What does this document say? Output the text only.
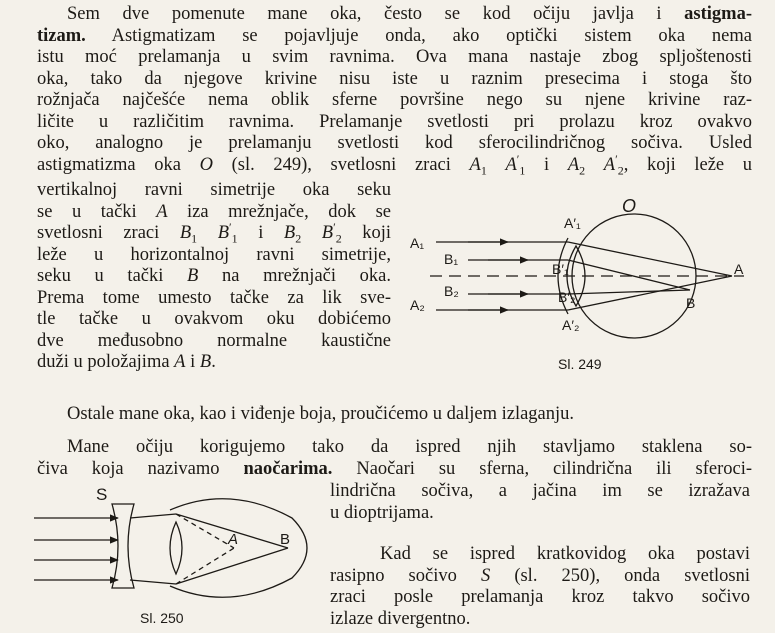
Sem dve pomenute mane oka, često se kod očiju javlja i astigma-
tizam. Astigmatizam se pojavljuje onda, ako optički sistem oka nema
istu moć prelamanja u svim ravnima. Ova mana nastaje zbog spljoštenosti
oka, tako da njegove krivine nisu iste u raznim presecima i stoga što
rožnjača najčešće nema oblik sferne površine nego su njene krivine raz-
ličite u različitim ravnima. Prelamanje svetlosti pri prolazu kroz ovakvo
oko, analogno je prelamanju svetlosti kod sferocilindričnog sočiva. Usled
astigmatizma oka O (sl. 249), svetlosni zraci $A_1$ $A'_1$ i $A_2$ $A'_2$, koji leže u
vertikalnoj ravni simetrije oka seku
se u tački A iza mrežnjače, dok se
svetlosni zraci $B_1$ $B'_1$ i $B_2$ $B'_2$ koji
leže u horizontalnoj ravni simetrije,
seku u tački B na mrežnjači oka.
Prema tome umesto tačke za lik sve-
tle tačke u ovakvom oku dobićemo
dve međusobno normalne kaustične
duži u položajima A i B.
O
A′₁
A₁
B₁
B′₁	A
B
B₂	B′₂
A₂
A′₂
Sl. 249
Ostale mane oka, kao i viđenje boja, proučićemo u daljem izlaganju.
Mane očiju korigujemo tako da ispred njih stavljamo staklena so-
čiva koja nazivamo naočarima. Naočari su sferna, cilindrična ili sferoci-
lindrična sočiva, a jačina im se izražava
u dioptrijama.
S
A	B
Sl. 250
Kad se ispred kratkovidog oka postavi
rasipno sočivo S (sl. 250), onda svetlosni
zraci posle prelamanja kroz takvo sočivo
izlaze divergentno.
